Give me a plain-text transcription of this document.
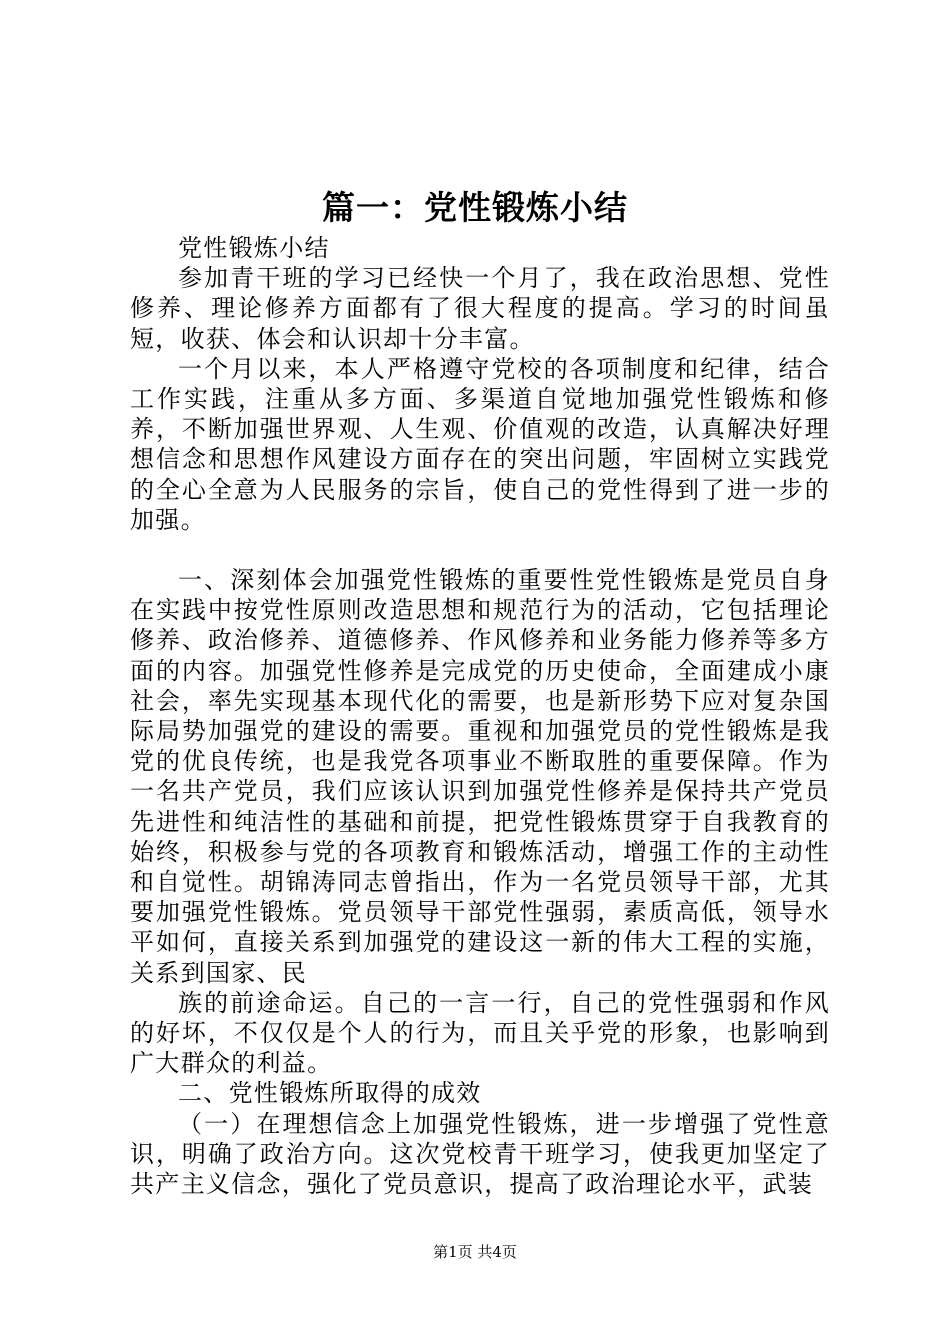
篇一：党性锻炼小结

党性锻炼小结

参加青干班的学习已经快一个月了，我在政治思想、党性修养、理论修养方面都有了很大程度的提高。学习的时间虽短，收获、体会和认识却十分丰富。

一个月以来，本人严格遵守党校的各项制度和纪律，结合工作实践，注重从多方面、多渠道自觉地加强党性锻炼和修养，不断加强世界观、人生观、价值观的改造，认真解决好理想信念和思想作风建设方面存在的突出问题，牢固树立实践党的全心全意为人民服务的宗旨，使自己的党性得到了进一步的加强。

一、深刻体会加强党性锻炼的重要性党性锻炼是党员自身在实践中按党性原则改造思想和规范行为的活动，它包括理论修养、政治修养、道德修养、作风修养和业务能力修养等多方面的内容。加强党性修养是完成党的历史使命，全面建成小康社会，率先实现基本现代化的需要，也是新形势下应对复杂国际局势加强党的建设的需要。重视和加强党员的党性锻炼是我党的优良传统，也是我党各项事业不断取胜的重要保障。作为一名共产党员，我们应该认识到加强党性修养是保持共产党员先进性和纯洁性的基础和前提，把党性锻炼贯穿于自我教育的始终，积极参与党的各项教育和锻炼活动，增强工作的主动性和自觉性。胡锦涛同志曾指出，作为一名党员领导干部，尤其要加强党性锻炼。党员领导干部党性强弱，素质高低，领导水平如何，直接关系到加强党的建设这一新的伟大工程的实施，关系到国家、民

族的前途命运。自己的一言一行，自己的党性强弱和作风的好坏，不仅仅是个人的行为，而且关乎党的形象，也影响到广大群众的利益。

二、党性锻炼所取得的成效

（一）在理想信念上加强党性锻炼，进一步增强了党性意识，明确了政治方向。这次党校青干班学习，使我更加坚定了共产主义信念，强化了党员意识，提高了政治理论水平，武装

第1页 共4页
